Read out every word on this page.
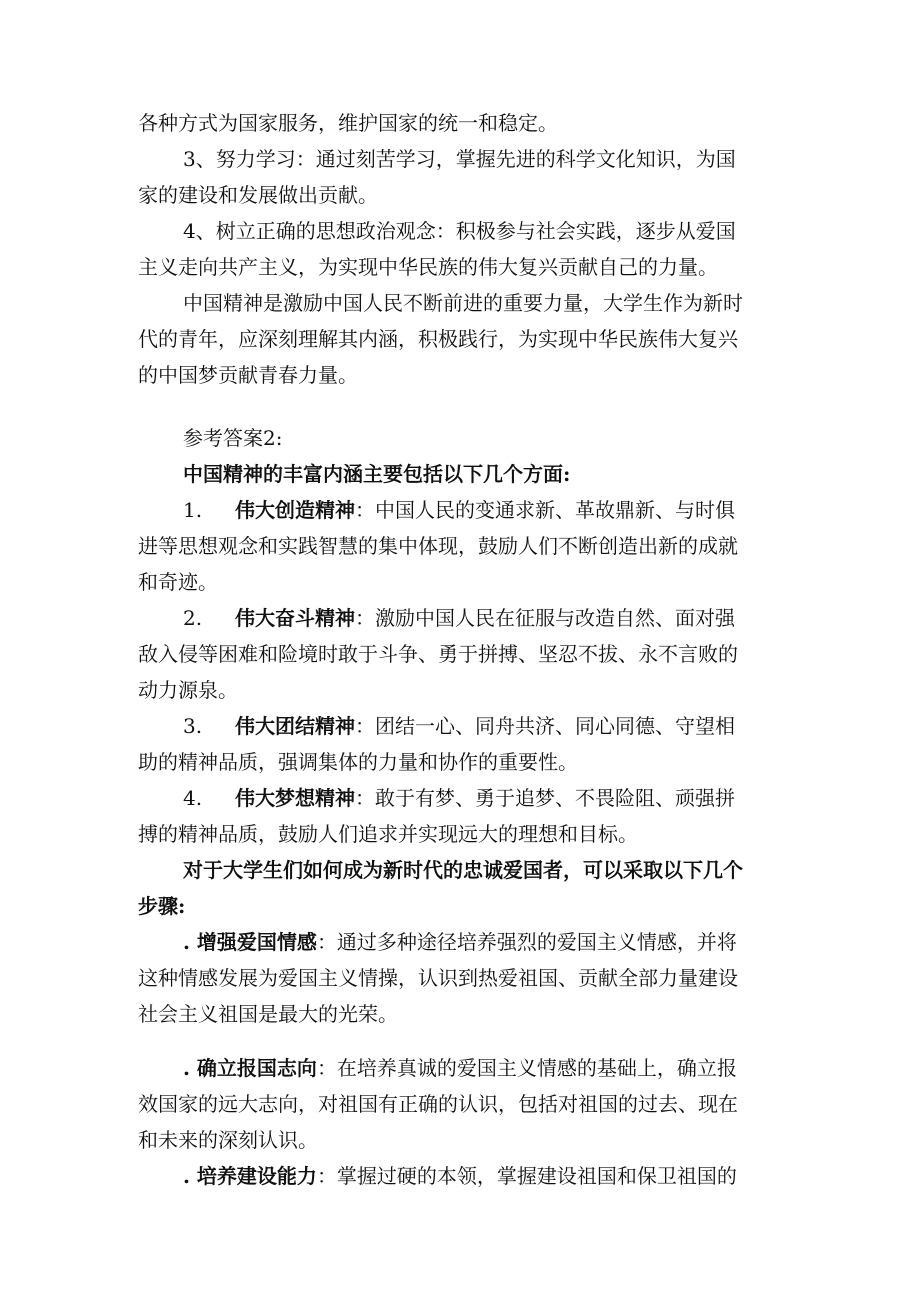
各种方式为国家服务，维护国家的统一和稳定。
3、努力学习：通过刻苦学习，掌握先进的科学文化知识，为国
家的建设和发展做出贡献。
4、树立正确的思想政治观念：积极参与社会实践，逐步从爱国
主义走向共产主义，为实现中华民族的伟大复兴贡献自己的力量。
中国精神是激励中国人民不断前进的重要力量，大学生作为新时
代的青年，应深刻理解其内涵，积极践行，为实现中华民族伟大复兴
的中国梦贡献青春力量。
参考答案2:
中国精神的丰富内涵主要包括以下几个方面:
1. 伟大创造精神：中国人民的变通求新、革故鼎新、与时俱
进等思想观念和实践智慧的集中体现，鼓励人们不断创造出新的成就
和奇迹。
2. 伟大奋斗精神：激励中国人民在征服与改造自然、面对强
敌入侵等困难和险境时敢于斗争、勇于拼搏、坚忍不拔、永不言败的
动力源泉。
3. 伟大团结精神：团结一心、同舟共济、同心同德、守望相
助的精神品质，强调集体的力量和协作的重要性。
4. 伟大梦想精神：敢于有梦、勇于追梦、不畏险阻、顽强拼
搏的精神品质，鼓励人们追求并实现远大的理想和目标。
对于大学生们如何成为新时代的忠诚爱国者，可以采取以下几个
步骤:
. 增强爱国情感：通过多种途径培养强烈的爱国主义情感，并将
这种情感发展为爱国主义情操，认识到热爱祖国、贡献全部力量建设
社会主义祖国是最大的光荣。
. 确立报国志向：在培养真诚的爱国主义情感的基础上，确立报
效国家的远大志向，对祖国有正确的认识，包括对祖国的过去、现在
和未来的深刻认识。
. 培养建设能力：掌握过硬的本领，掌握建设祖国和保卫祖国的
